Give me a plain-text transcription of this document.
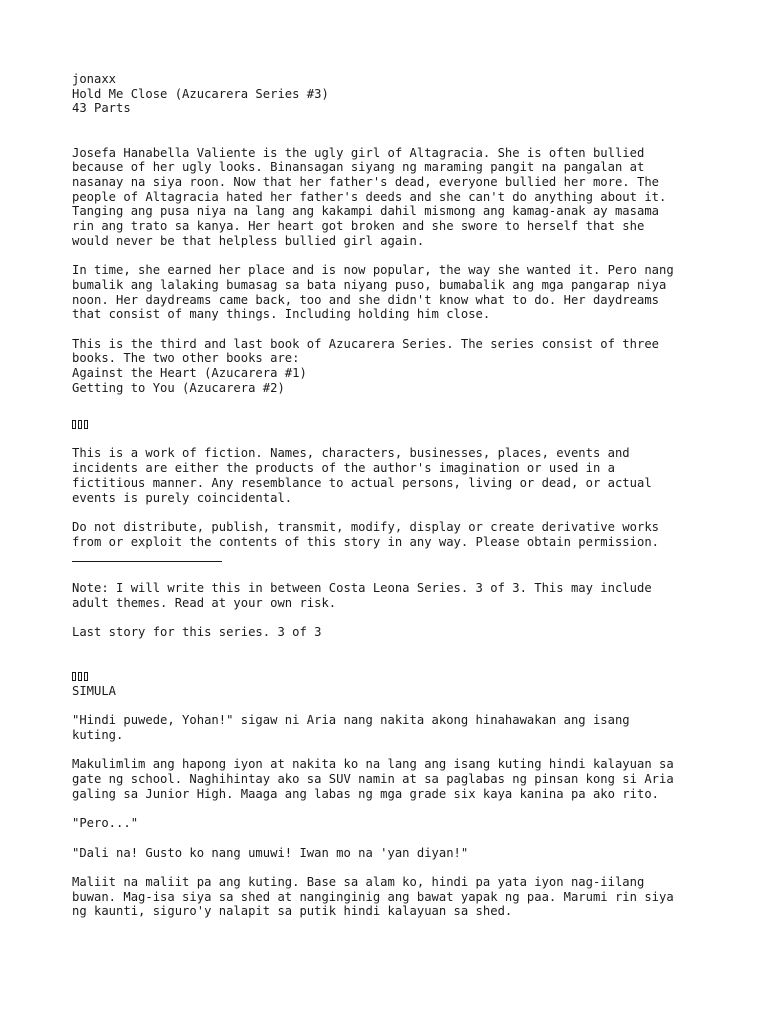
jonaxx
Hold Me Close (Azucarera Series #3)
43 Parts
Josefa Hanabella Valiente is the ugly girl of Altagracia. She is often bullied
because of her ugly looks. Binansagan siyang ng maraming pangit na pangalan at
nasanay na siya roon. Now that her father's dead, everyone bullied her more. The
people of Altagracia hated her father's deeds and she can't do anything about it.
Tanging ang pusa niya na lang ang kakampi dahil mismong ang kamag-anak ay masama
rin ang trato sa kanya. Her heart got broken and she swore to herself that she
would never be that helpless bullied girl again.
In time, she earned her place and is now popular, the way she wanted it. Pero nang
bumalik ang lalaking bumasag sa bata niyang puso, bumabalik ang mga pangarap niya
noon. Her daydreams came back, too and she didn't know what to do. Her daydreams
that consist of many things. Including holding him close.
This is the third and last book of Azucarera Series. The series consist of three
books. The two other books are:
Against the Heart (Azucarera #1)
Getting to You (Azucarera #2)
This is a work of fiction. Names, characters, businesses, places, events and
incidents are either the products of the author's imagination or used in a
fictitious manner. Any resemblance to actual persons, living or dead, or actual
events is purely coincidental.
Do not distribute, publish, transmit, modify, display or create derivative works
from or exploit the contents of this story in any way. Please obtain permission.
Note: I will write this in between Costa Leona Series. 3 of 3. This may include
adult themes. Read at your own risk.
Last story for this series. 3 of 3
SIMULA
"Hindi puwede, Yohan!" sigaw ni Aria nang nakita akong hinahawakan ang isang
kuting.
Makulimlim ang hapong iyon at nakita ko na lang ang isang kuting hindi kalayuan sa
gate ng school. Naghihintay ako sa SUV namin at sa paglabas ng pinsan kong si Aria
galing sa Junior High. Maaga ang labas ng mga grade six kaya kanina pa ako rito.
"Pero..."
"Dali na! Gusto ko nang umuwi! Iwan mo na 'yan diyan!"
Maliit na maliit pa ang kuting. Base sa alam ko, hindi pa yata iyon nag-iilang
buwan. Mag-isa siya sa shed at nanginginig ang bawat yapak ng paa. Marumi rin siya
ng kaunti, siguro'y nalapit sa putik hindi kalayuan sa shed.
